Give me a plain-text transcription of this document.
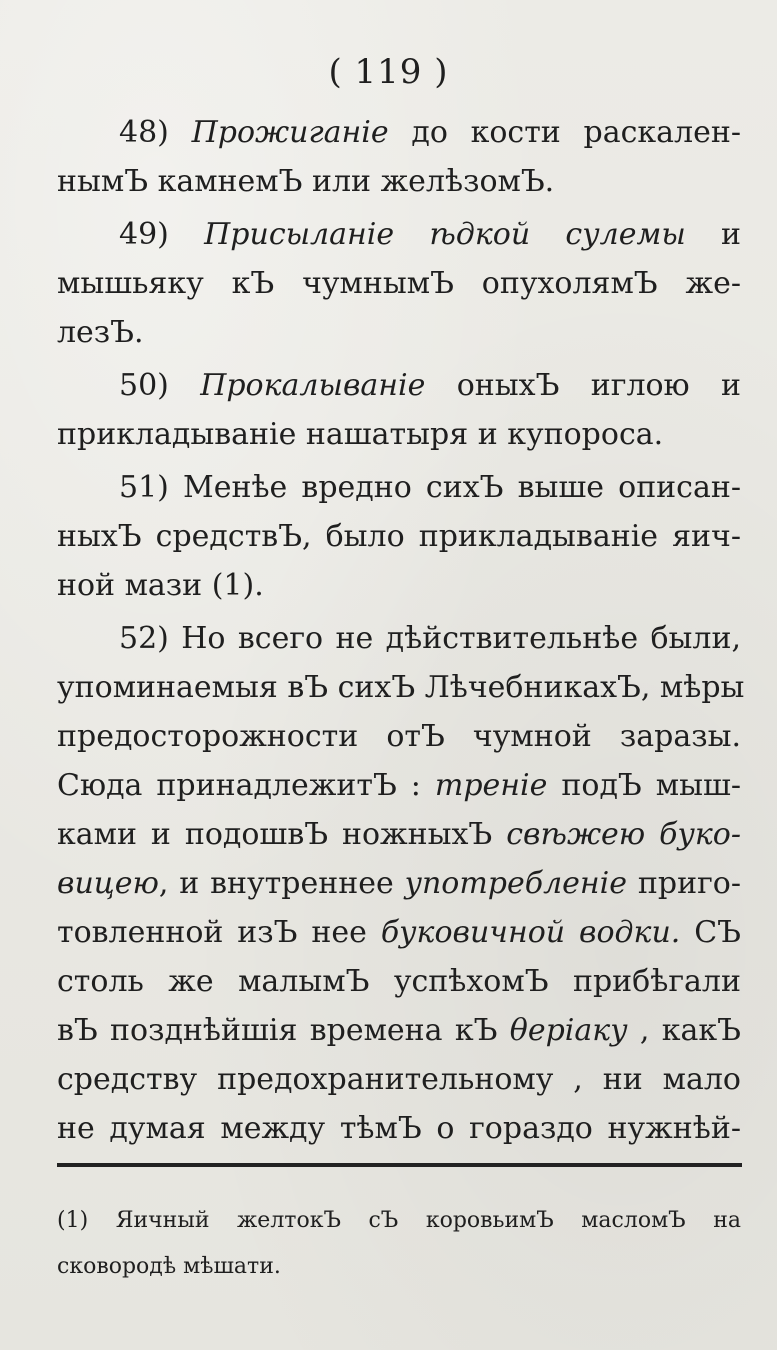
( 119 )
48) Прожиганіе до кости раскален-
нымЪ камнемЪ или желѣзомЪ.
49) Присыланіе ѣдкой сулемы и
мышьяку кЪ чумнымЪ опухолямЪ же-
лезЪ.
50) Прокалываніе оныхЪ иглою и
прикладываніе нашатыря и купороса.
51) Менѣе вредно сихЪ выше описан-
ныхЪ средствЪ, было прикладываніе яич-
ной мази (1).
52) Но всего не дѣйствительнѣе были,
упоминаемыя вЪ сихЪ ЛѣчебникахЪ, мѣры
предосторожности отЪ чумной заразы.
Сюда принадлежитЪ : треніе подЪ мыш-
ками и подошвЪ ножныхЪ свѣжею буко-
вицею, и внутреннее употребленіе приго-
товленной изЪ нее буковичной водки. СЪ
столь же малымЪ успѣхомЪ прибѣгали
вЪ позднѣйшія времена кЪ θеріаку , какЪ
средству предохранительному , ни мало
не думая между тѣмЪ о гораздо нужнѣй-
(1) Яичный желтокЪ сЪ коровьимЪ масломЪ на
сковородѣ мѣшати.
